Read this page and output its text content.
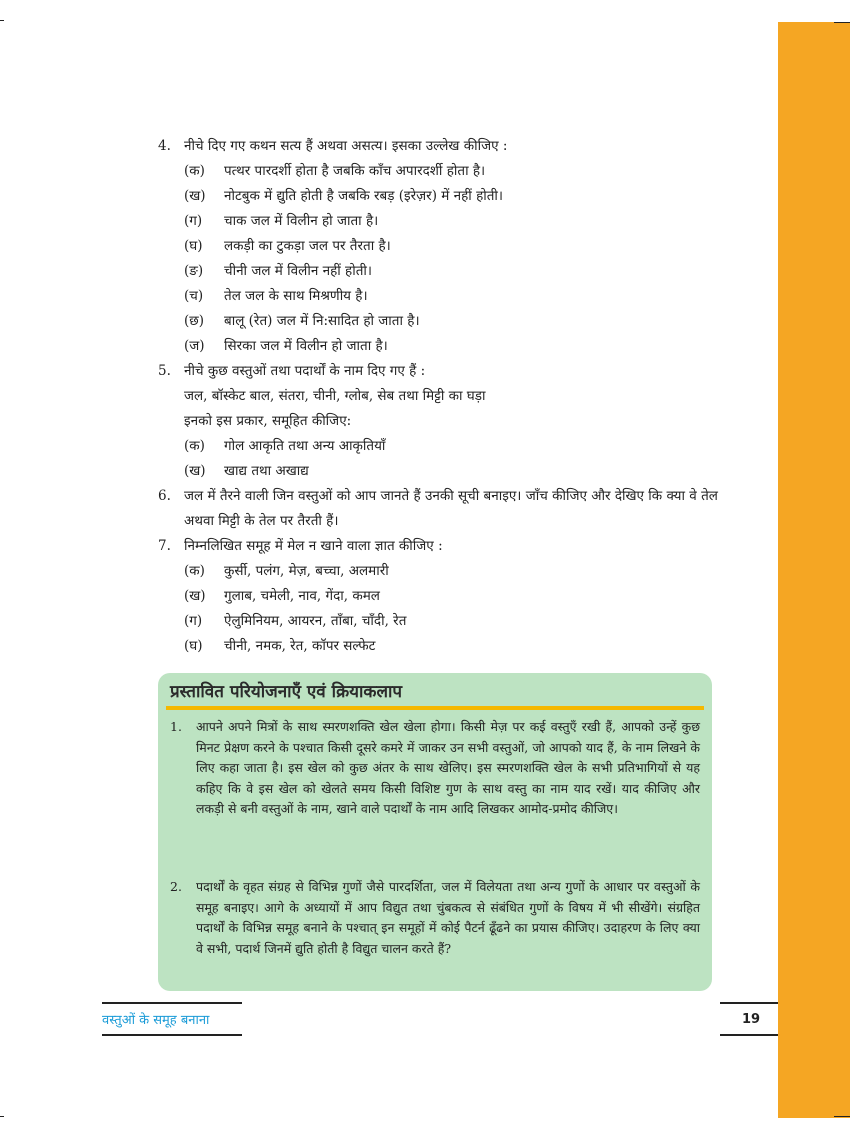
4. नीचे दिए गए कथन सत्य हैं अथवा असत्य। इसका उल्लेख कीजिए :
(क)	पत्थर पारदर्शी होता है जबकि काँच अपारदर्शी होता है।
(ख)	नोटबुक में द्युति होती है जबकि रबड़ (इरेज़र) में नहीं होती।
(ग)	चाक जल में विलीन हो जाता है।
(घ)	लकड़ी का टुकड़ा जल पर तैरता है।
(ङ)	चीनी जल में विलीन नहीं होती।
(च)	तेल जल के साथ मिश्रणीय है।
(छ)	बालू (रेत) जल में नि:सादित हो जाता है।
(ज)	सिरका जल में विलीन हो जाता है।
5. नीचे कुछ वस्तुओं तथा पदार्थों के नाम दिए गए हैं :
जल, बॉस्केट बाल, संतरा, चीनी, ग्लोब, सेब तथा मिट्टी का घड़ा
इनको इस प्रकार, समूहित कीजिए:
(क)	गोल आकृति तथा अन्य आकृतियाँ
(ख)	खाद्य तथा अखाद्य
6. जल में तैरने वाली जिन वस्तुओं को आप जानते हैं उनकी सूची बनाइए। जाँच कीजिए और देखिए कि क्या वे तेल अथवा मिट्टी के तेल पर तैरती हैं।
7. निम्नलिखित समूह में मेल न खाने वाला ज्ञात कीजिए :
(क)	कुर्सी, पलंग, मेज़, बच्चा, अलमारी
(ख)	गुलाब, चमेली, नाव, गेंदा, कमल
(ग)	ऐलुमिनियम, आयरन, ताँबा, चाँदी, रेत
(घ)	चीनी, नमक, रेत, कॉपर सल्फेट
प्रस्तावित परियोजनाएँ एवं क्रियाकलाप
1.	आपने अपने मित्रों के साथ स्मरणशक्ति खेल खेला होगा। किसी मेज़ पर कई वस्तुएँ रखी हैं, आपको उन्हें कुछ मिनट प्रेक्षण करने के पश्चात किसी दूसरे कमरे में जाकर उन सभी वस्तुओं, जो आपको याद हैं, के नाम लिखने के लिए कहा जाता है। इस खेल को कुछ अंतर के साथ खेलिए। इस स्मरणशक्ति खेल के सभी प्रतिभागियों से यह कहिए कि वे इस खेल को खेलते समय किसी विशिष्ट गुण के साथ वस्तु का नाम याद रखें। याद कीजिए और लकड़ी से बनी वस्तुओं के नाम, खाने वाले पदार्थों के नाम आदि लिखकर आमोद-प्रमोद कीजिए।
2.	पदार्थों के वृहत संग्रह से विभिन्न गुणों जैसे पारदर्शिता, जल में विलेयता तथा अन्य गुणों के आधार पर वस्तुओं के समूह बनाइए। आगे के अध्यायों में आप विद्युत तथा चुंबकत्व से संबंधित गुणों के विषय में भी सीखेंगे। संग्रहित पदार्थों के विभिन्न समूह बनाने के पश्चात् इन समूहों में कोई पैटर्न ढूँढने का प्रयास कीजिए। उदाहरण के लिए क्या वे सभी, पदार्थ जिनमें द्युति होती है विद्युत चालन करते हैं?
वस्तुओं के समूह बनाना	19
